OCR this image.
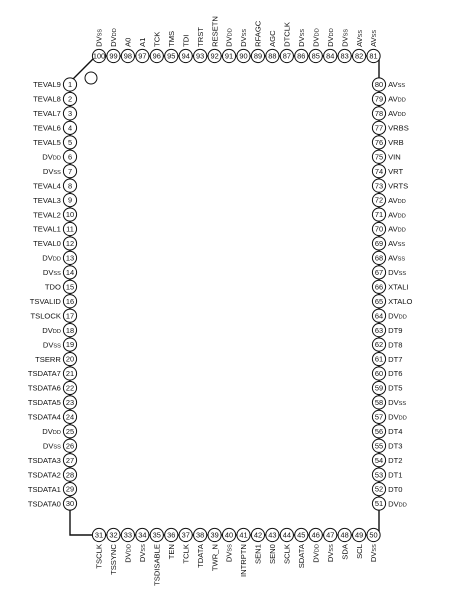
1
TEVAL9
2
TEVAL8
3
TEVAL7
4
TEVAL6
5
TEVAL5
6
DVDD
7
DVSS
8
TEVAL4
9
TEVAL3
10
TEVAL2
11
TEVAL1
12
TEVAL0
13
DVDD
14
DVSS
15
TDO
16
TSVALID
17
TSLOCK
18
DVDD
19
DVSS
20
TSERR
21
TSDATA7
22
TSDATA6
23
TSDATA5
24
TSDATA4
25
DVDD
26
DVSS
27
TSDATA3
28
TSDATA2
29
TSDATA1
30
TSDATA0
31
TSCLK
32
TSSYNC
33
DVDD
34
DVSS
35
TSDISABLE
36
TEN
37
TCLK
38
TDATA
39
TWR_N
40
DVSS
41
INTRPTN
42
SEN1
43
SEN0
44
SCLK
45
SDATA
46
DVDD
47
DVSS
48
SDA
49
SCL
50
DVSS
80 AVSS
79 AVDD
78 AVDD
77 VRBS
76 VRB
75 VIN
74 VRT
73 VRTS
72 AVDD
71 AVDD
70 AVDD
69 AVSS
68 AVSS
67 DVSS
66 XTALI
65 XTALO
64 DVDD
63 DT9
62 DT8
61 DT7
60 DT6
59 DT5
58 DVSS
57 DVDD
56 DT4
55 DT3
54 DT2
53 DT1
52 DT0
51 DVDD
100
DVSS
99
DVDD
98
A0
97
A1
96
TCK
95
TMS
94
TDI
93
TRST
92
RESETN
91
DVDD
90
DVSS
89
RFAGC
88
AGC
87
DTCLK
86
DVSS
85
DVDD
84
DVDD
83
DVSS
82
AVSS
81
AVSS
